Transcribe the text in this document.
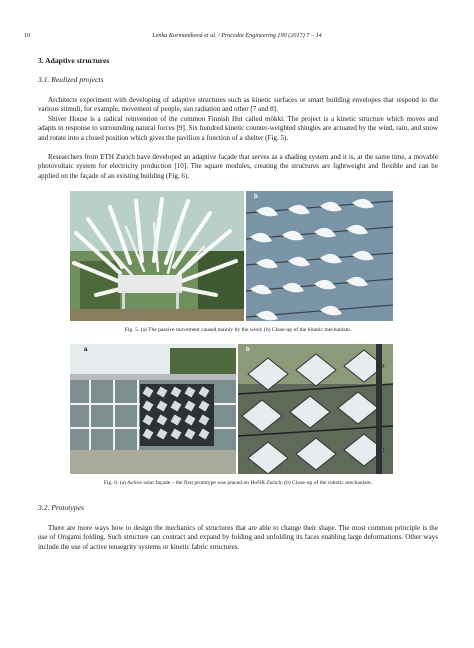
10	Lenka Kormaníková et al. / Procedia Engineering 190 (2017) 7 – 14
3. Adaptive structures
3.1. Realized projects

Architects experiment with developing of adaptive structures such as kinetic surfaces or smart building envelopes that respond to the various stimuli, for example, movement of people, sun radiation and other [7 and 8].

Shiver House is a radical reinvention of the common Finnish Hut called mökki. The project is a kinetic structure which moves and adapts in response to surrounding natural forces [9]. Six hundred kinetic counter-weighted shingles are actuated by the wind, rain, and snow and rotate into a closed position which gives the pavilion a function of a shelter (Fig. 5).

Researchers from ETH Zurich have developed an adaptive façade that serves as a shading system and it is, at the same time, a movable photovoltaic system for electricity production [10]. The square modules, creating the structures are lightweight and flexible and can be applied on the façade of an existing building (Fig. 6).

b
Fig. 5. (a) The passive movement caused mainly by the wind; (b) Close-up of the kinetic mechanism.
a	b
Fig. 6. (a) Active solar façade – the first prototype was placed on HoNR Zurich; (b) Close-up of the robotic mechanism.
3.2. Prototypes

There are more ways how to design the mechanics of structures that are able to change their shape. The most common principle is the use of Origami folding. Such structure can contract and expand by folding and unfolding its faces enabling large deformations. Other ways include the use of active tensegrity systems or kinetic fabric structures.
